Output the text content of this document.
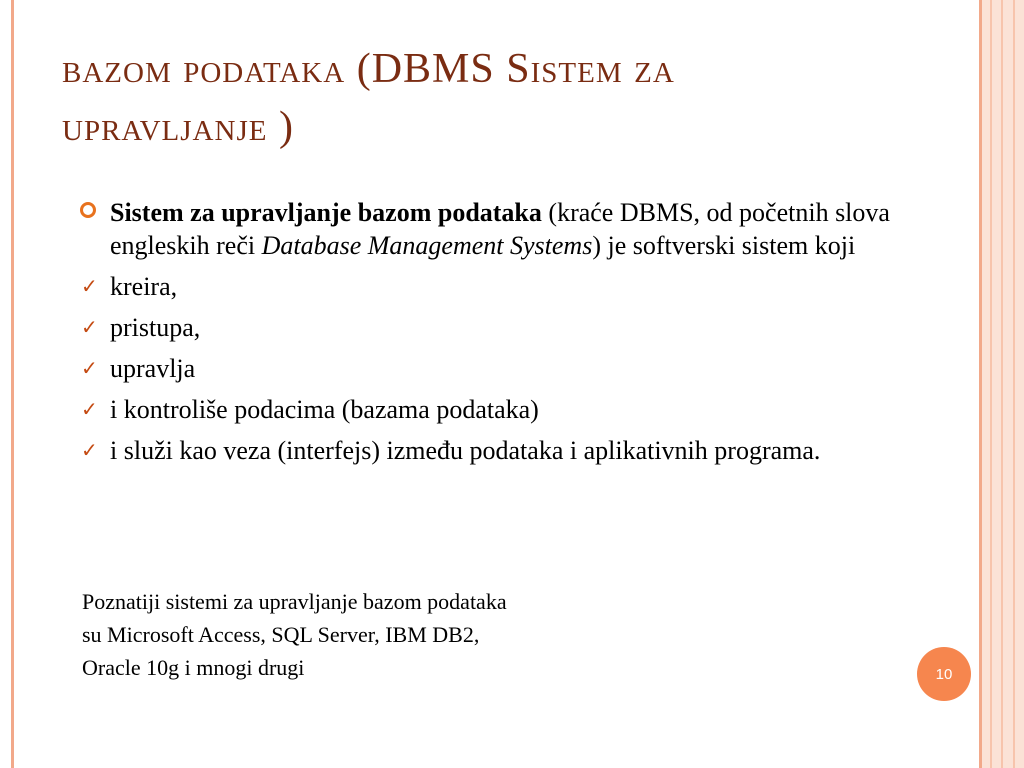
bazom podataka (DBMS Sistem za
upravljanje )
Sistem za upravljanje bazom podataka (kraće DBMS, od početnih slova engleskih reči Database Management Systems) je softverski sistem koji
✓ kreira,
✓ pristupa,
✓ upravlja
✓ i kontroliše podacima (bazama podataka)
✓ i služi kao veza (interfejs) između podataka i aplikativnih programa.
Poznatiji sistemi za upravljanje bazom podataka
su Microsoft Access, SQL Server, IBM DB2,
Oracle 10g i mnogi drugi	10
